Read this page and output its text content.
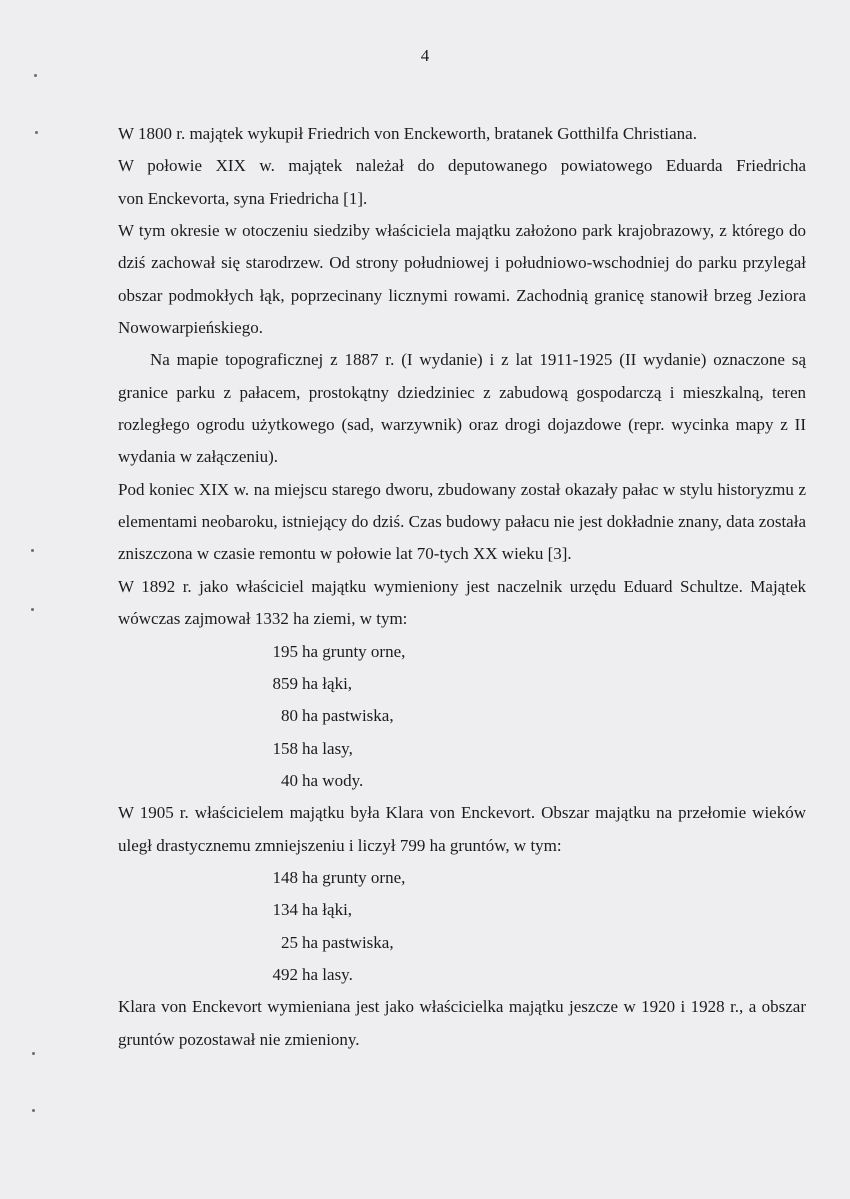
4

W 1800 r. majątek wykupił Friedrich von Enckeworth, bratanek Gotthilfa Christiana.

W połowie XIX w. majątek należał do deputowanego powiatowego Eduarda Friedricha
von Enckevorta, syna Friedricha [1].

W tym okresie w otoczeniu siedziby właściciela majątku założono park krajobrazowy, z którego do dziś zachował się starodrzew. Od strony południowej i południowo-wschodniej do parku przylegał obszar podmokłych łąk, poprzecinany licznymi rowami. Zachodnią granicę stanowił brzeg Jeziora Nowowarpieńskiego.

Na mapie topograficznej z 1887 r. (I wydanie) i z lat 1911-1925 (II wydanie) oznaczone są granice parku z pałacem, prostokątny dziedziniec z zabudową gospodarczą i mieszkalną, teren rozległego ogrodu użytkowego (sad, warzywnik) oraz drogi dojazdowe (repr. wycinka mapy z II wydania w załączeniu).

Pod koniec XIX w. na miejscu starego dworu, zbudowany został okazały pałac w stylu historyzmu z elementami neobaroku, istniejący do dziś. Czas budowy pałacu nie jest dokładnie znany, data została zniszczona w czasie remontu w połowie lat 70-tych XX wieku [3].

W 1892 r. jako właściciel majątku wymieniony jest naczelnik urzędu Eduard Schultze. Majątek wówczas zajmował 1332 ha ziemi, w tym:

195 ha grunty orne,
859 ha łąki,
80 ha pastwiska,
158 ha lasy,
40 ha wody.

W 1905 r. właścicielem majątku była Klara von Enckevort. Obszar majątku na przełomie wieków uległ drastycznemu zmniejszeniu i liczył 799 ha gruntów, w tym:

148 ha grunty orne,
134 ha łąki,
25 ha pastwiska,
492 ha lasy.

Klara von Enckevort wymieniana jest jako właścicielka majątku jeszcze w 1920 i 1928 r., a obszar gruntów pozostawał nie zmieniony.
